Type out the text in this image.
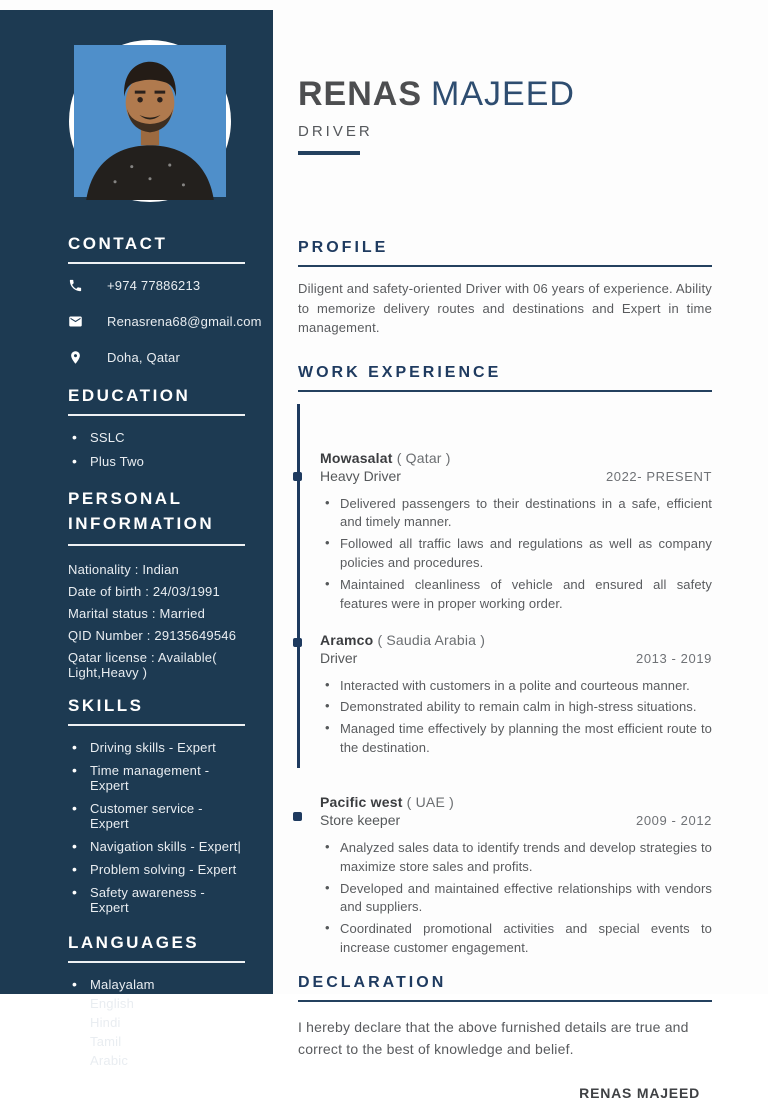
CONTACT
+974 77886213
Renasrena68@gmail.com
Doha, Qatar
EDUCATION
• SSLC
• Plus Two
PERSONAL
INFORMATION
Nationality : Indian
Date of birth : 24/03/1991
Marital status : Married
QID Number : 29135649546
Qatar license : Available( Light,Heavy )
SKILLS
• Driving skills - Expert
• Time management - Expert
• Customer service - Expert
• Navigation skills - Expert|
• Problem solving - Expert
• Safety awareness - Expert
LANGUAGES
• Malayalam
• English
• Hindi
• Tamil
• Arabic
RENAS MAJEED
DRIVER
PROFILE

Diligent and safety-oriented Driver with 06 years of experience. Ability to memorize delivery routes and destinations and Expert in time management.

WORK EXPERIENCE
Mowasalat ( Qatar )
Heavy Driver	2022- PRESENT
• Delivered passengers to their destinations in a safe, efficient and timely manner.
• Followed all traffic laws and regulations as well as company policies and procedures.
• Maintained cleanliness of vehicle and ensured all safety features were in proper working order.
Aramco ( Saudia Arabia )
Driver	2013 - 2019
• Interacted with customers in a polite and courteous manner.
• Demonstrated ability to remain calm in high-stress situations.
• Managed time effectively by planning the most efficient route to the destination.
Pacific west ( UAE )
Store keeper	2009 - 2012
• Analyzed sales data to identify trends and develop strategies to maximize store sales and profits.
• Developed and maintained effective relationships with vendors and suppliers.
• Coordinated promotional activities and special events to increase customer engagement.
DECLARATION

I hereby declare that the above furnished details are true and correct to the best of knowledge and belief.

RENAS MAJEED
